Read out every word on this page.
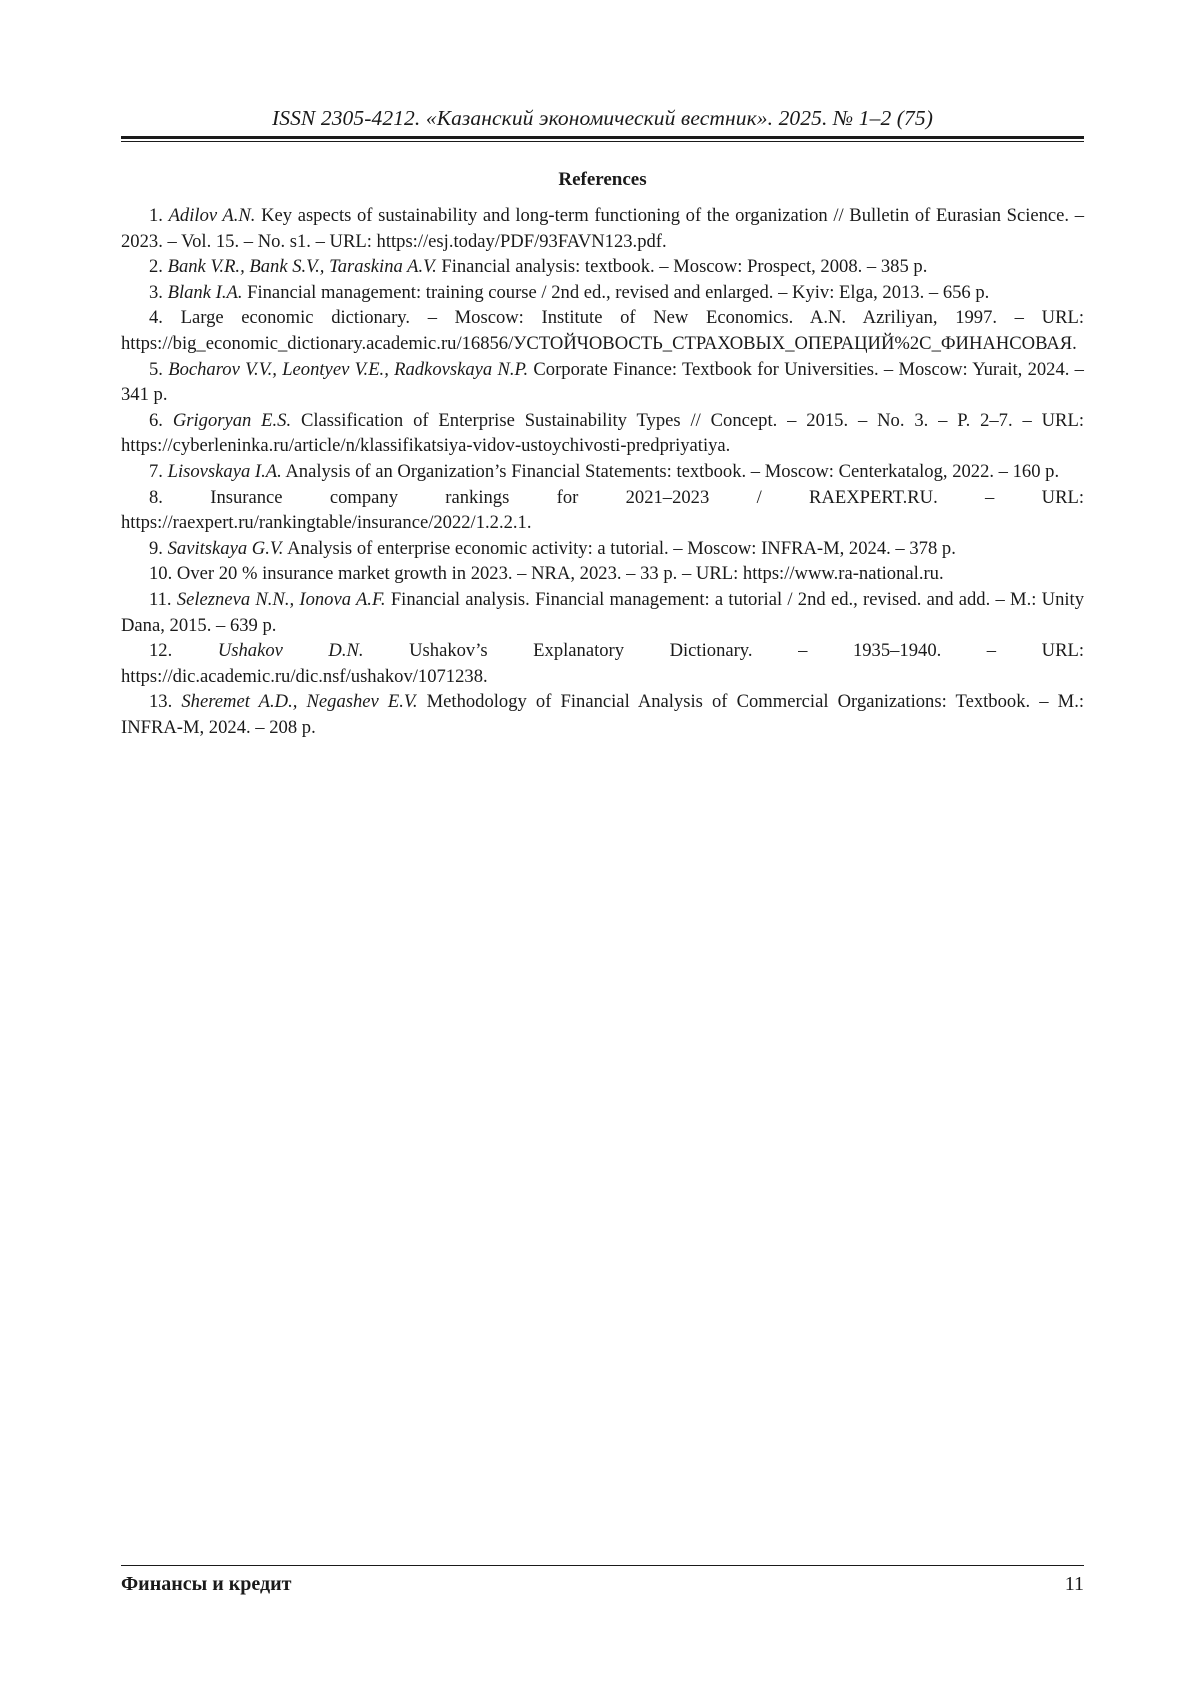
ISSN 2305-4212. «Казанский экономический вестник». 2025. № 1–2 (75)
References
1. Adilov A.N. Key aspects of sustainability and long-term functioning of the organization // Bulletin of Eurasian Science. – 2023. – Vol. 15. – No. s1. – URL: https://esj.today/PDF/93FAVN123.pdf.
2. Bank V.R., Bank S.V., Taraskina A.V. Financial analysis: textbook. – Moscow: Prospect, 2008. – 385 p.
3. Blank I.A. Financial management: training course / 2nd ed., revised and enlarged. – Kyiv: Elga, 2013. – 656 p.
4. Large economic dictionary. – Moscow: Institute of New Economics. A.N. Azriliyan, 1997. – URL: https://big_economic_dictionary.academic.ru/16856/УСТОЙЧОВОСТЬ_СТРАХОВЫХ_ОПЕРАЦИЙ%2С_ФИНАНСОВАЯ.
5. Bocharov V.V., Leontyev V.E., Radkovskaya N.P. Corporate Finance: Textbook for Universities. – Moscow: Yurait, 2024. – 341 p.
6. Grigoryan E.S. Classification of Enterprise Sustainability Types // Concept. – 2015. – No. 3. – P. 2–7. – URL: https://cyberleninka.ru/article/n/klassifikatsiya-vidov-ustoychivosti-predpriyatiya.
7. Lisovskaya I.A. Analysis of an Organization’s Financial Statements: textbook. – Moscow: Centerkatalog, 2022. – 160 p.
8.	Insurance company rankings for 2021–2023 / RAEXPERT.RU. – URL: https://raexpert.ru/rankingtable/insurance/2022/1.2.2.1.
9. Savitskaya G.V. Analysis of enterprise economic activity: a tutorial. – Moscow: INFRA-M, 2024. – 378 p.
10. Over 20 % insurance market growth in 2023. – NRA, 2023. – 33 p. – URL: https://www.ra-national.ru.
11. Selezneva N.N., Ionova A.F. Financial analysis. Financial management: a tutorial / 2nd ed., revised. and add. – M.: Unity Dana, 2015. – 639 p.
12. Ushakov D.N. Ushakov’s Explanatory Dictionary. – 1935–1940. – URL: https://dic.academic.ru/dic.nsf/ushakov/1071238.
13. Sheremet A.D., Negashev E.V. Methodology of Financial Analysis of Commercial Organizations: Textbook. – M.: INFRA-M, 2024. – 208 p.
Финансы и кредит	11
